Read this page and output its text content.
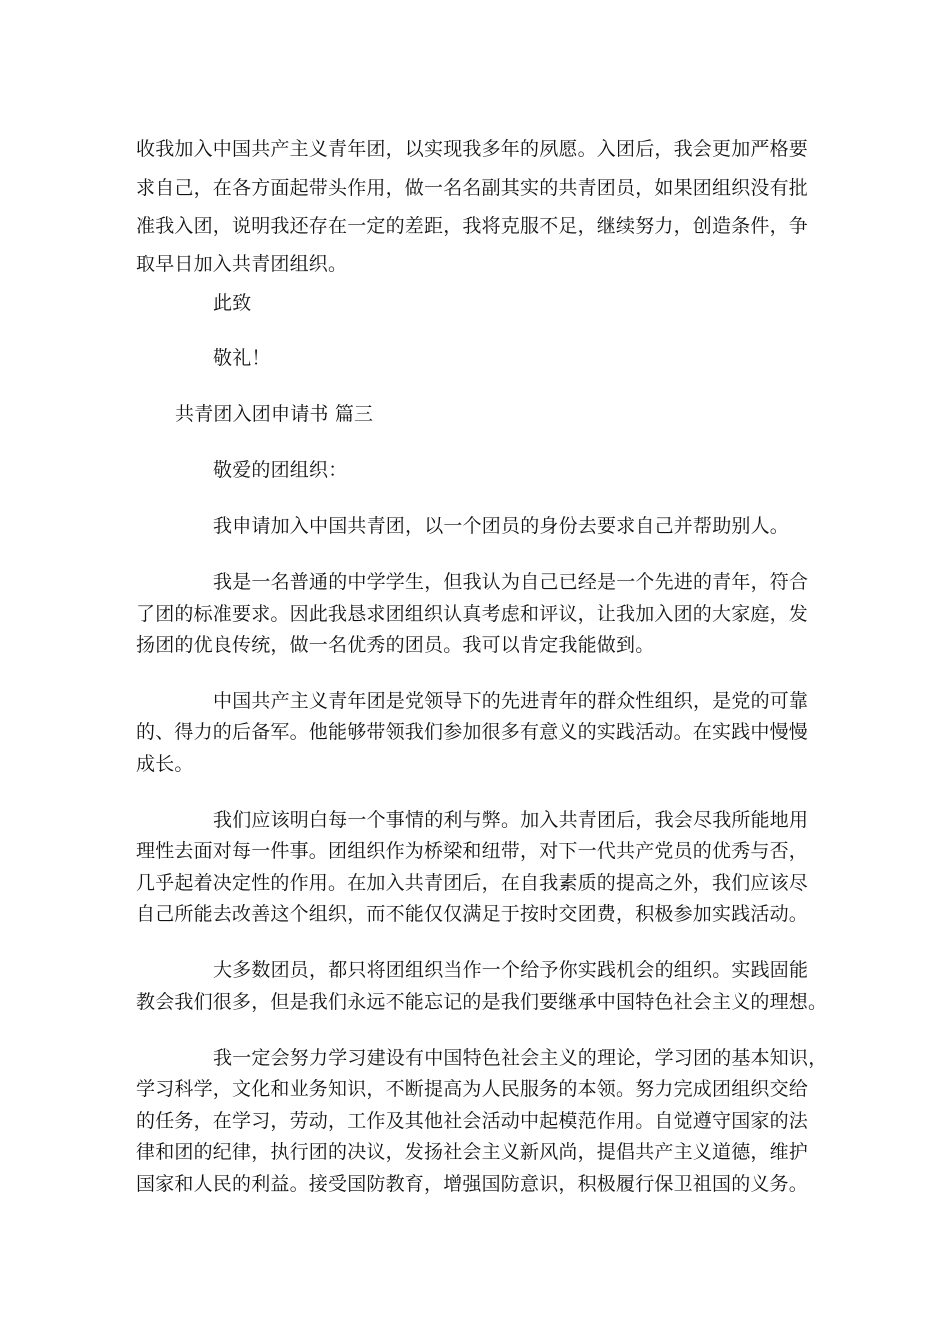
收我加入中国共产主义青年团，以实现我多年的夙愿。入团后，我会更加严格要
求自己，在各方面起带头作用，做一名名副其实的共青团员，如果团组织没有批
准我入团，说明我还存在一定的差距，我将克服不足，继续努力，创造条件，争
取早日加入共青团组织。
此致
敬礼！
共青团入团申请书 篇三
敬爱的团组织：
我申请加入中国共青团，以一个团员的身份去要求自己并帮助别人。
我是一名普通的中学学生，但我认为自己已经是一个先进的青年，符合
了团的标准要求。因此我恳求团组织认真考虑和评议，让我加入团的大家庭，发
扬团的优良传统，做一名优秀的团员。我可以肯定我能做到。
中国共产主义青年团是党领导下的先进青年的群众性组织，是党的可靠
的、得力的后备军。他能够带领我们参加很多有意义的实践活动。在实践中慢慢
成长。
我们应该明白每一个事情的利与弊。加入共青团后，我会尽我所能地用
理性去面对每一件事。团组织作为桥梁和纽带，对下一代共产党员的优秀与否，
几乎起着决定性的作用。在加入共青团后，在自我素质的提高之外，我们应该尽
自己所能去改善这个组织，而不能仅仅满足于按时交团费，积极参加实践活动。
大多数团员，都只将团组织当作一个给予你实践机会的组织。实践固能
教会我们很多，但是我们永远不能忘记的是我们要继承中国特色社会主义的理想。
我一定会努力学习建设有中国特色社会主义的理论，学习团的基本知识，
学习科学，文化和业务知识，不断提高为人民服务的本领。努力完成团组织交给
的任务，在学习，劳动，工作及其他社会活动中起模范作用。自觉遵守国家的法
律和团的纪律，执行团的决议，发扬社会主义新风尚，提倡共产主义道德，维护
国家和人民的利益。接受国防教育，增强国防意识，积极履行保卫祖国的义务。
